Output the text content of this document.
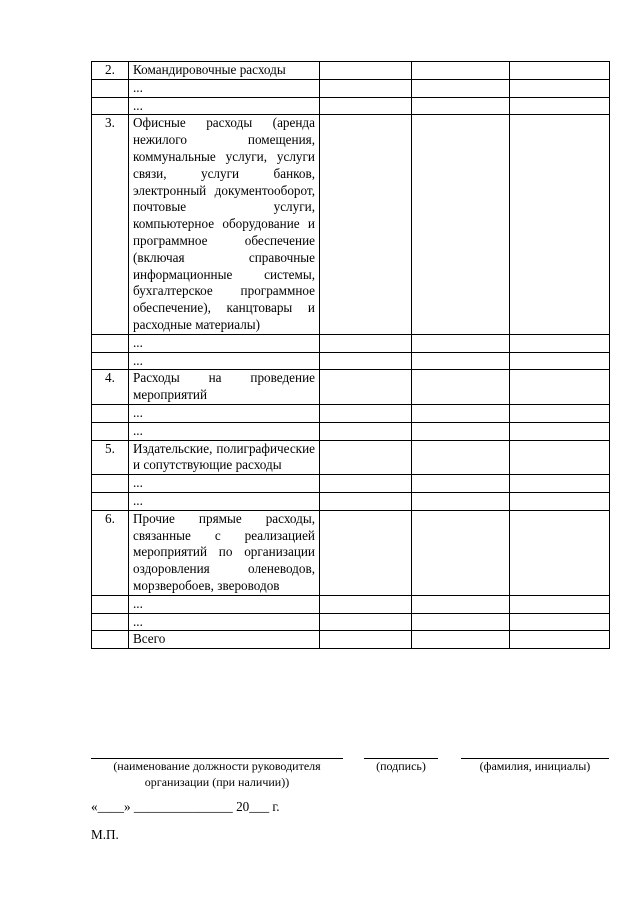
2.	Командировочные расходы			
	...			
	...			
3.	Офисные расходы (аренда нежилого помещения, коммунальные услуги, услуги связи, услуги банков, электронный документооборот, почтовые услуги, компьютерное оборудование и программное обеспечение (включая справочные информационные системы, бухгалтерское программное обеспечение), канцтовары и расходные материалы)			
	...			
	...			
4.	Расходы на проведение мероприятий			
	...			
	...			
5.	Издательские, полиграфические и сопутствующие расходы			
	...			
	...			
6.	Прочие прямые расходы, связанные с реализацией мероприятий по организации оздоровления оленеводов, морзверобоев, звероводов			
	...			
	...			
	Всего			
(наименование должности руководителя
организации (при наличии))
(подпись)	(фамилия, инициалы)
«____» _______________ 20___ г.
М.П.
